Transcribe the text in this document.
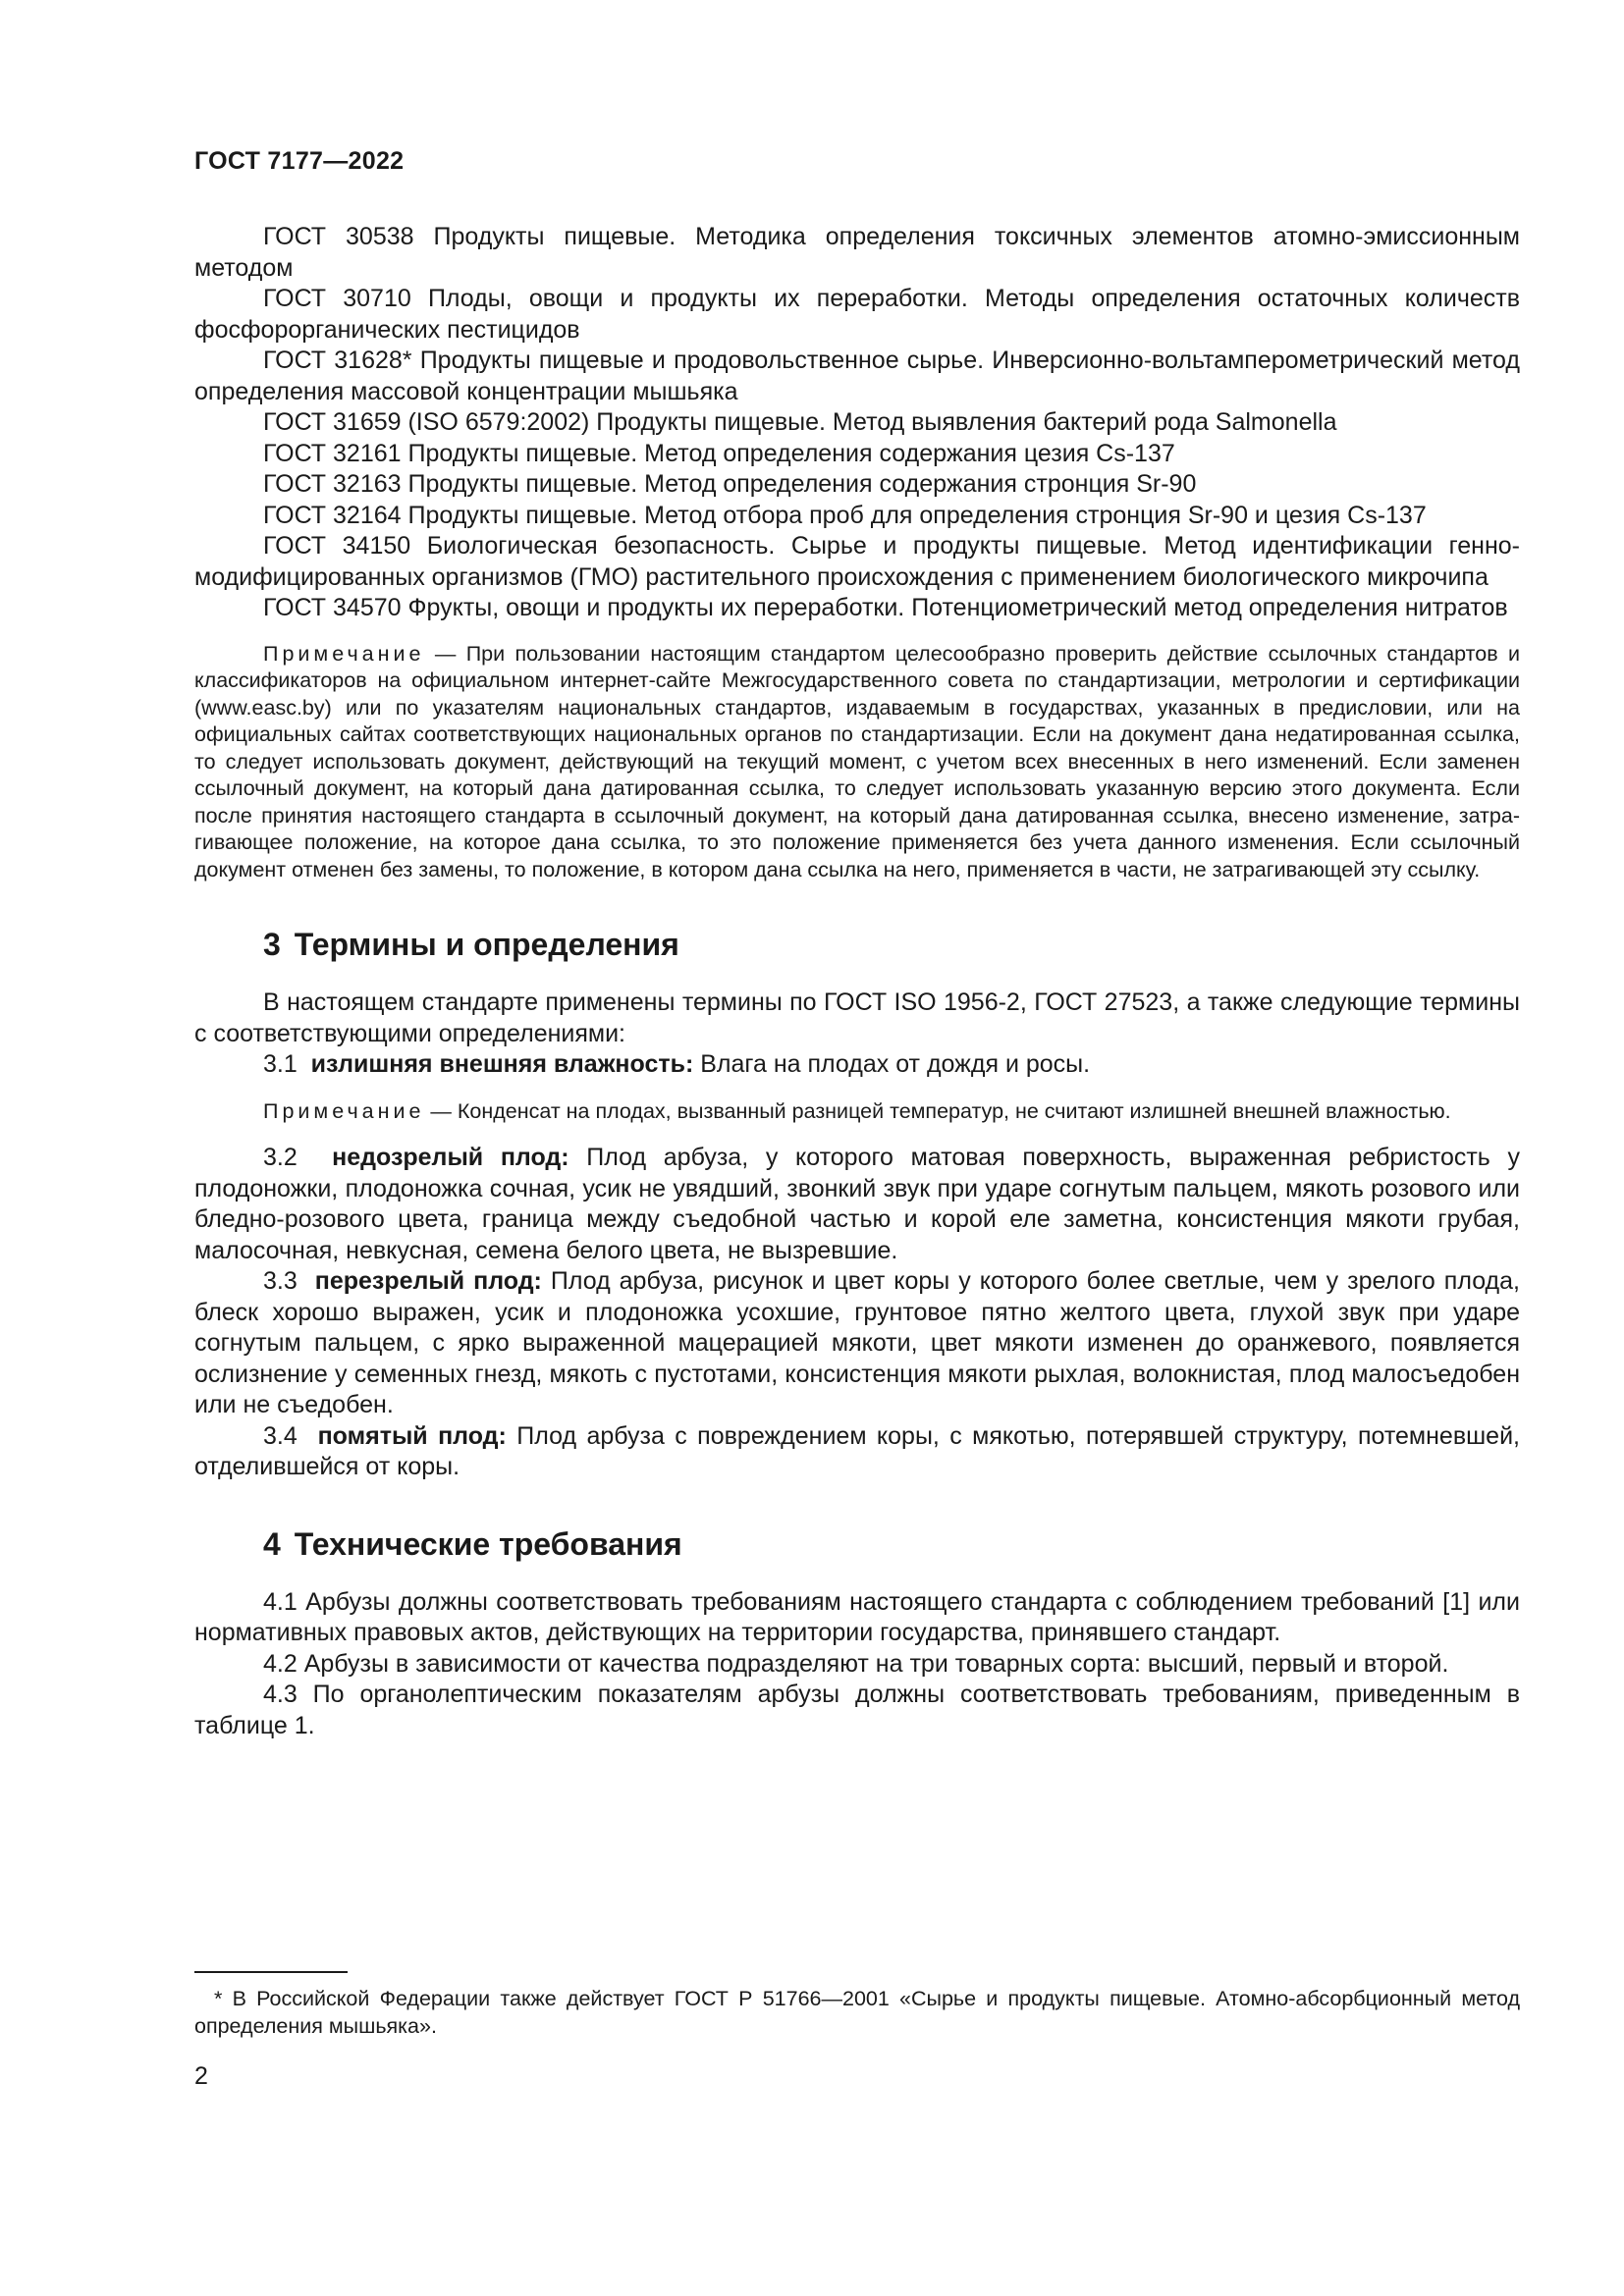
ГОСТ 7177—2022

ГОСТ 30538 Продукты пищевые. Методика определения токсичных элементов атомно-эмиссионным методом

ГОСТ 30710 Плоды, овощи и продукты их переработки. Методы определения остаточных количеств фосфорорганических пестицидов

ГОСТ 31628* Продукты пищевые и продовольственное сырье. Инверсионно-вольтамперометрический метод определения массовой концентрации мышьяка

ГОСТ 31659 (ISO 6579:2002) Продукты пищевые. Метод выявления бактерий рода Salmonella

ГОСТ 32161 Продукты пищевые. Метод определения содержания цезия Cs-137

ГОСТ 32163 Продукты пищевые. Метод определения содержания стронция Sr-90

ГОСТ 32164 Продукты пищевые. Метод отбора проб для определения стронция Sr-90 и цезия Cs-137

ГОСТ 34150 Биологическая безопасность. Сырье и продукты пищевые. Метод идентификации генно-модифицированных организмов (ГМО) растительного происхождения с применением биологического микрочипа

ГОСТ 34570 Фрукты, овощи и продукты их переработки. Потенциометрический метод определения нитратов

Примечание — При пользовании настоящим стандартом целесообразно проверить действие ссылочных стандартов и классификаторов на официальном интернет-сайте Межгосударственного совета по стандартизации, метрологии и сертификации (www.easc.by) или по указателям национальных стандартов, издаваемым в государствах, указанных в предисловии, или на официальных сайтах соответствующих национальных органов по стандартизации. Если на документ дана недатированная ссылка, то следует использовать документ, действующий на текущий момент, с учетом всех внесенных в него изменений. Если заменен ссылочный документ, на который дана датированная ссылка, то следует использовать указанную версию этого документа. Если после принятия настоящего стандарта в ссылочный документ, на который дана датированная ссылка, внесено изменение, затрагивающее положение, на которое дана ссылка, то это положение применяется без учета данного изменения. Если ссылочный документ отменен без замены, то положение, в котором дана ссылка на него, применяется в части, не затрагивающей эту ссылку.

3 Термины и определения

В настоящем стандарте применены термины по ГОСТ ISO 1956-2, ГОСТ 27523, а также следующие термины с соответствующими определениями:

3.1 излишняя внешняя влажность: Влага на плодах от дождя и росы.

Примечание — Конденсат на плодах, вызванный разницей температур, не считают излишней внешней влажностью.

3.2 недозрелый плод: Плод арбуза, у которого матовая поверхность, выраженная ребристость у плодоножки, плодоножка сочная, усик не увядший, звонкий звук при ударе согнутым пальцем, мякоть розового или бледно-розового цвета, граница между съедобной частью и корой еле заметна, консистенция мякоти грубая, малосочная, невкусная, семена белого цвета, не вызревшие.

3.3 перезрелый плод: Плод арбуза, рисунок и цвет коры у которого более светлые, чем у зрелого плода, блеск хорошо выражен, усик и плодоножка усохшие, грунтовое пятно желтого цвета, глухой звук при ударе согнутым пальцем, с ярко выраженной мацерацией мякоти, цвет мякоти изменен до оранжевого, появляется ослизнение у семенных гнезд, мякоть с пустотами, консистенция мякоти рыхлая, волокнистая, плод малосъедобен или не съедобен.

3.4 помятый плод: Плод арбуза с повреждением коры, с мякотью, потерявшей структуру, потемневшей, отделившейся от коры.

4 Технические требования

4.1 Арбузы должны соответствовать требованиям настоящего стандарта с соблюдением требований [1] или нормативных правовых актов, действующих на территории государства, принявшего стандарт.

4.2 Арбузы в зависимости от качества подразделяют на три товарных сорта: высший, первый и второй.

4.3 По органолептическим показателям арбузы должны соответствовать требованиям, приведенным в таблице 1.

* В Российской Федерации также действует ГОСТ Р 51766—2001 «Сырье и продукты пищевые. Атомно-абсорбционный метод определения мышьяка».

2
